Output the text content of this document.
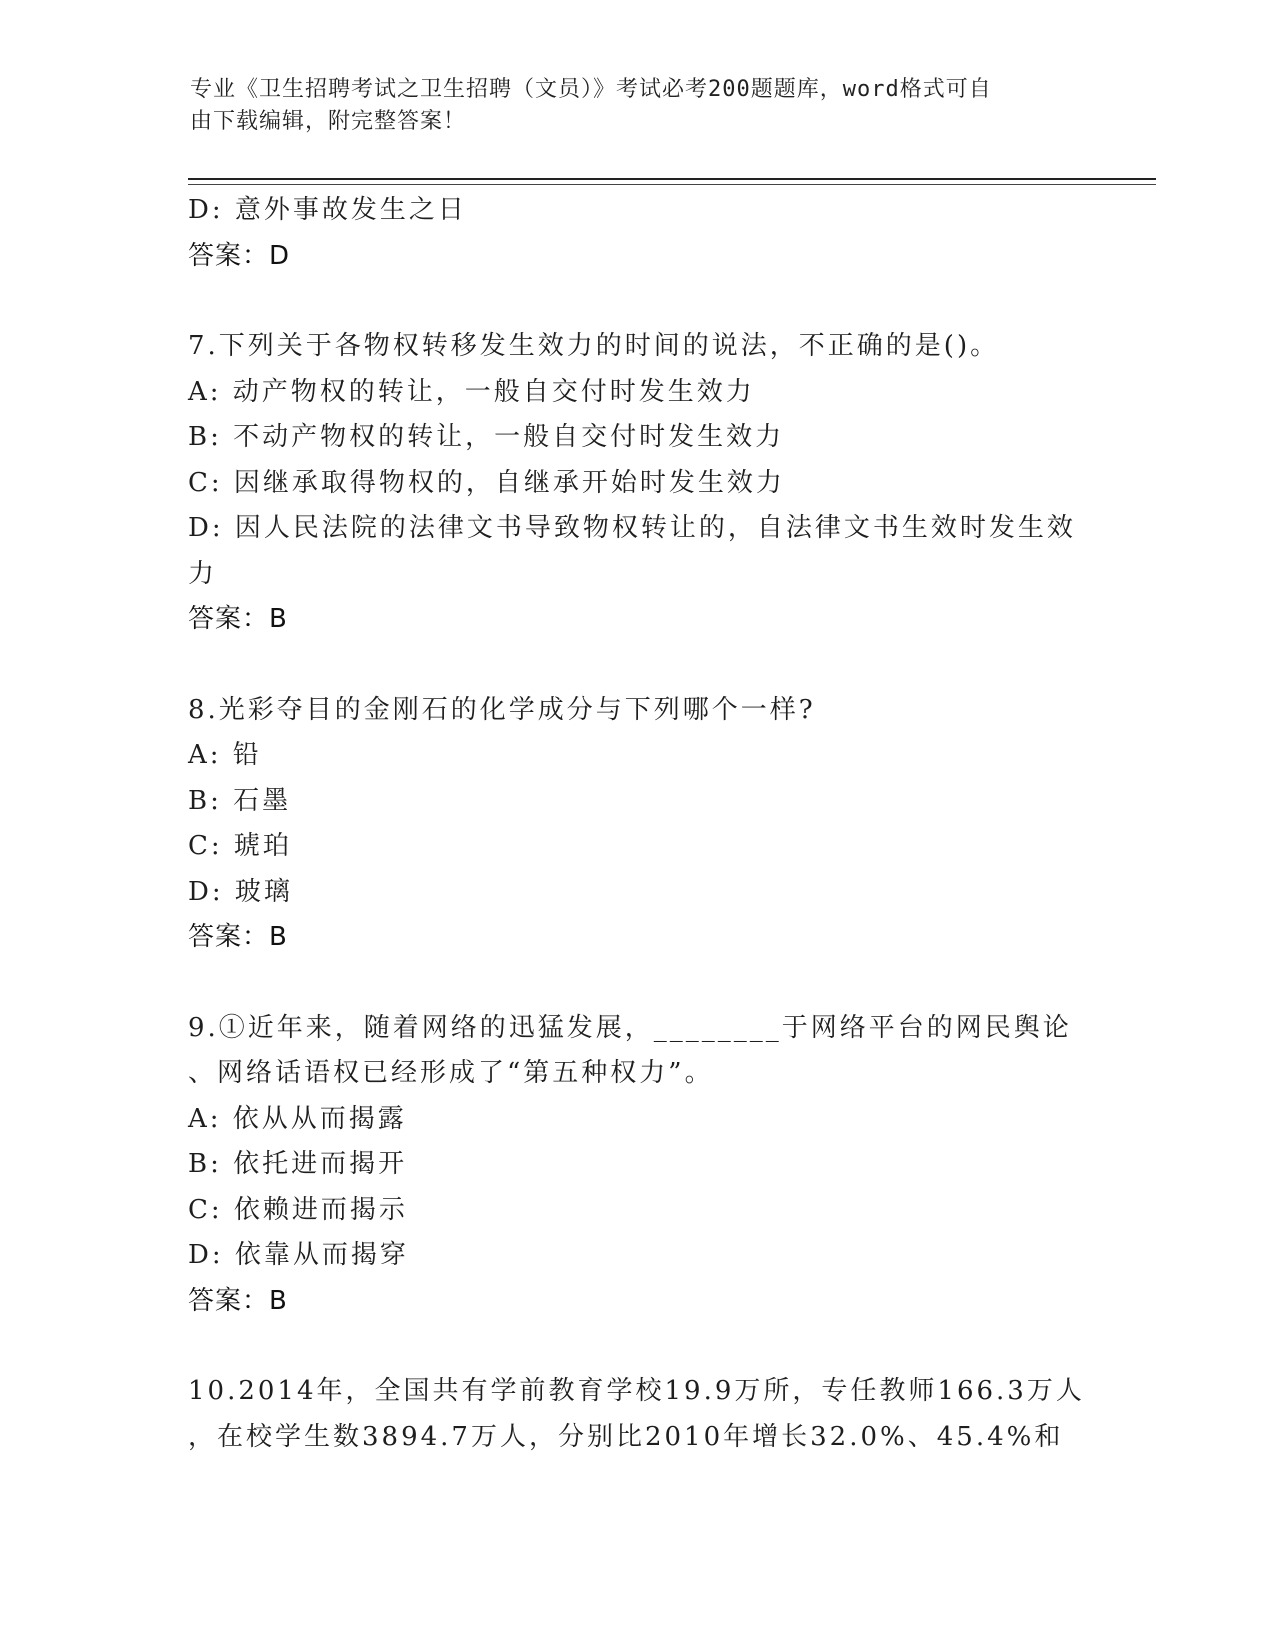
专业《卫生招聘考试之卫生招聘（文员）》考试必考200题题库，word格式可自
由下载编辑，附完整答案！
D: 意外事故发生之日
答案：D
7.下列关于各物权转移发生效力的时间的说法，不正确的是()。
A: 动产物权的转让，一般自交付时发生效力
B: 不动产物权的转让，一般自交付时发生效力
C: 因继承取得物权的，自继承开始时发生效力
D: 因人民法院的法律文书导致物权转让的，自法律文书生效时发生效
力
答案：B
8.光彩夺目的金刚石的化学成分与下列哪个一样?
A: 铅
B: 石墨
C: 琥珀
D: 玻璃
答案：B
9.①近年来，随着网络的迅猛发展，________于网络平台的网民舆论
、网络话语权已经形成了“第五种权力”。
A: 依从从而揭露
B: 依托进而揭开
C: 依赖进而揭示
D: 依靠从而揭穿
答案：B
10.2014年，全国共有学前教育学校19.9万所，专任教师166.3万人
，在校学生数3894.7万人，分别比2010年增长32.0%、45.4%和
